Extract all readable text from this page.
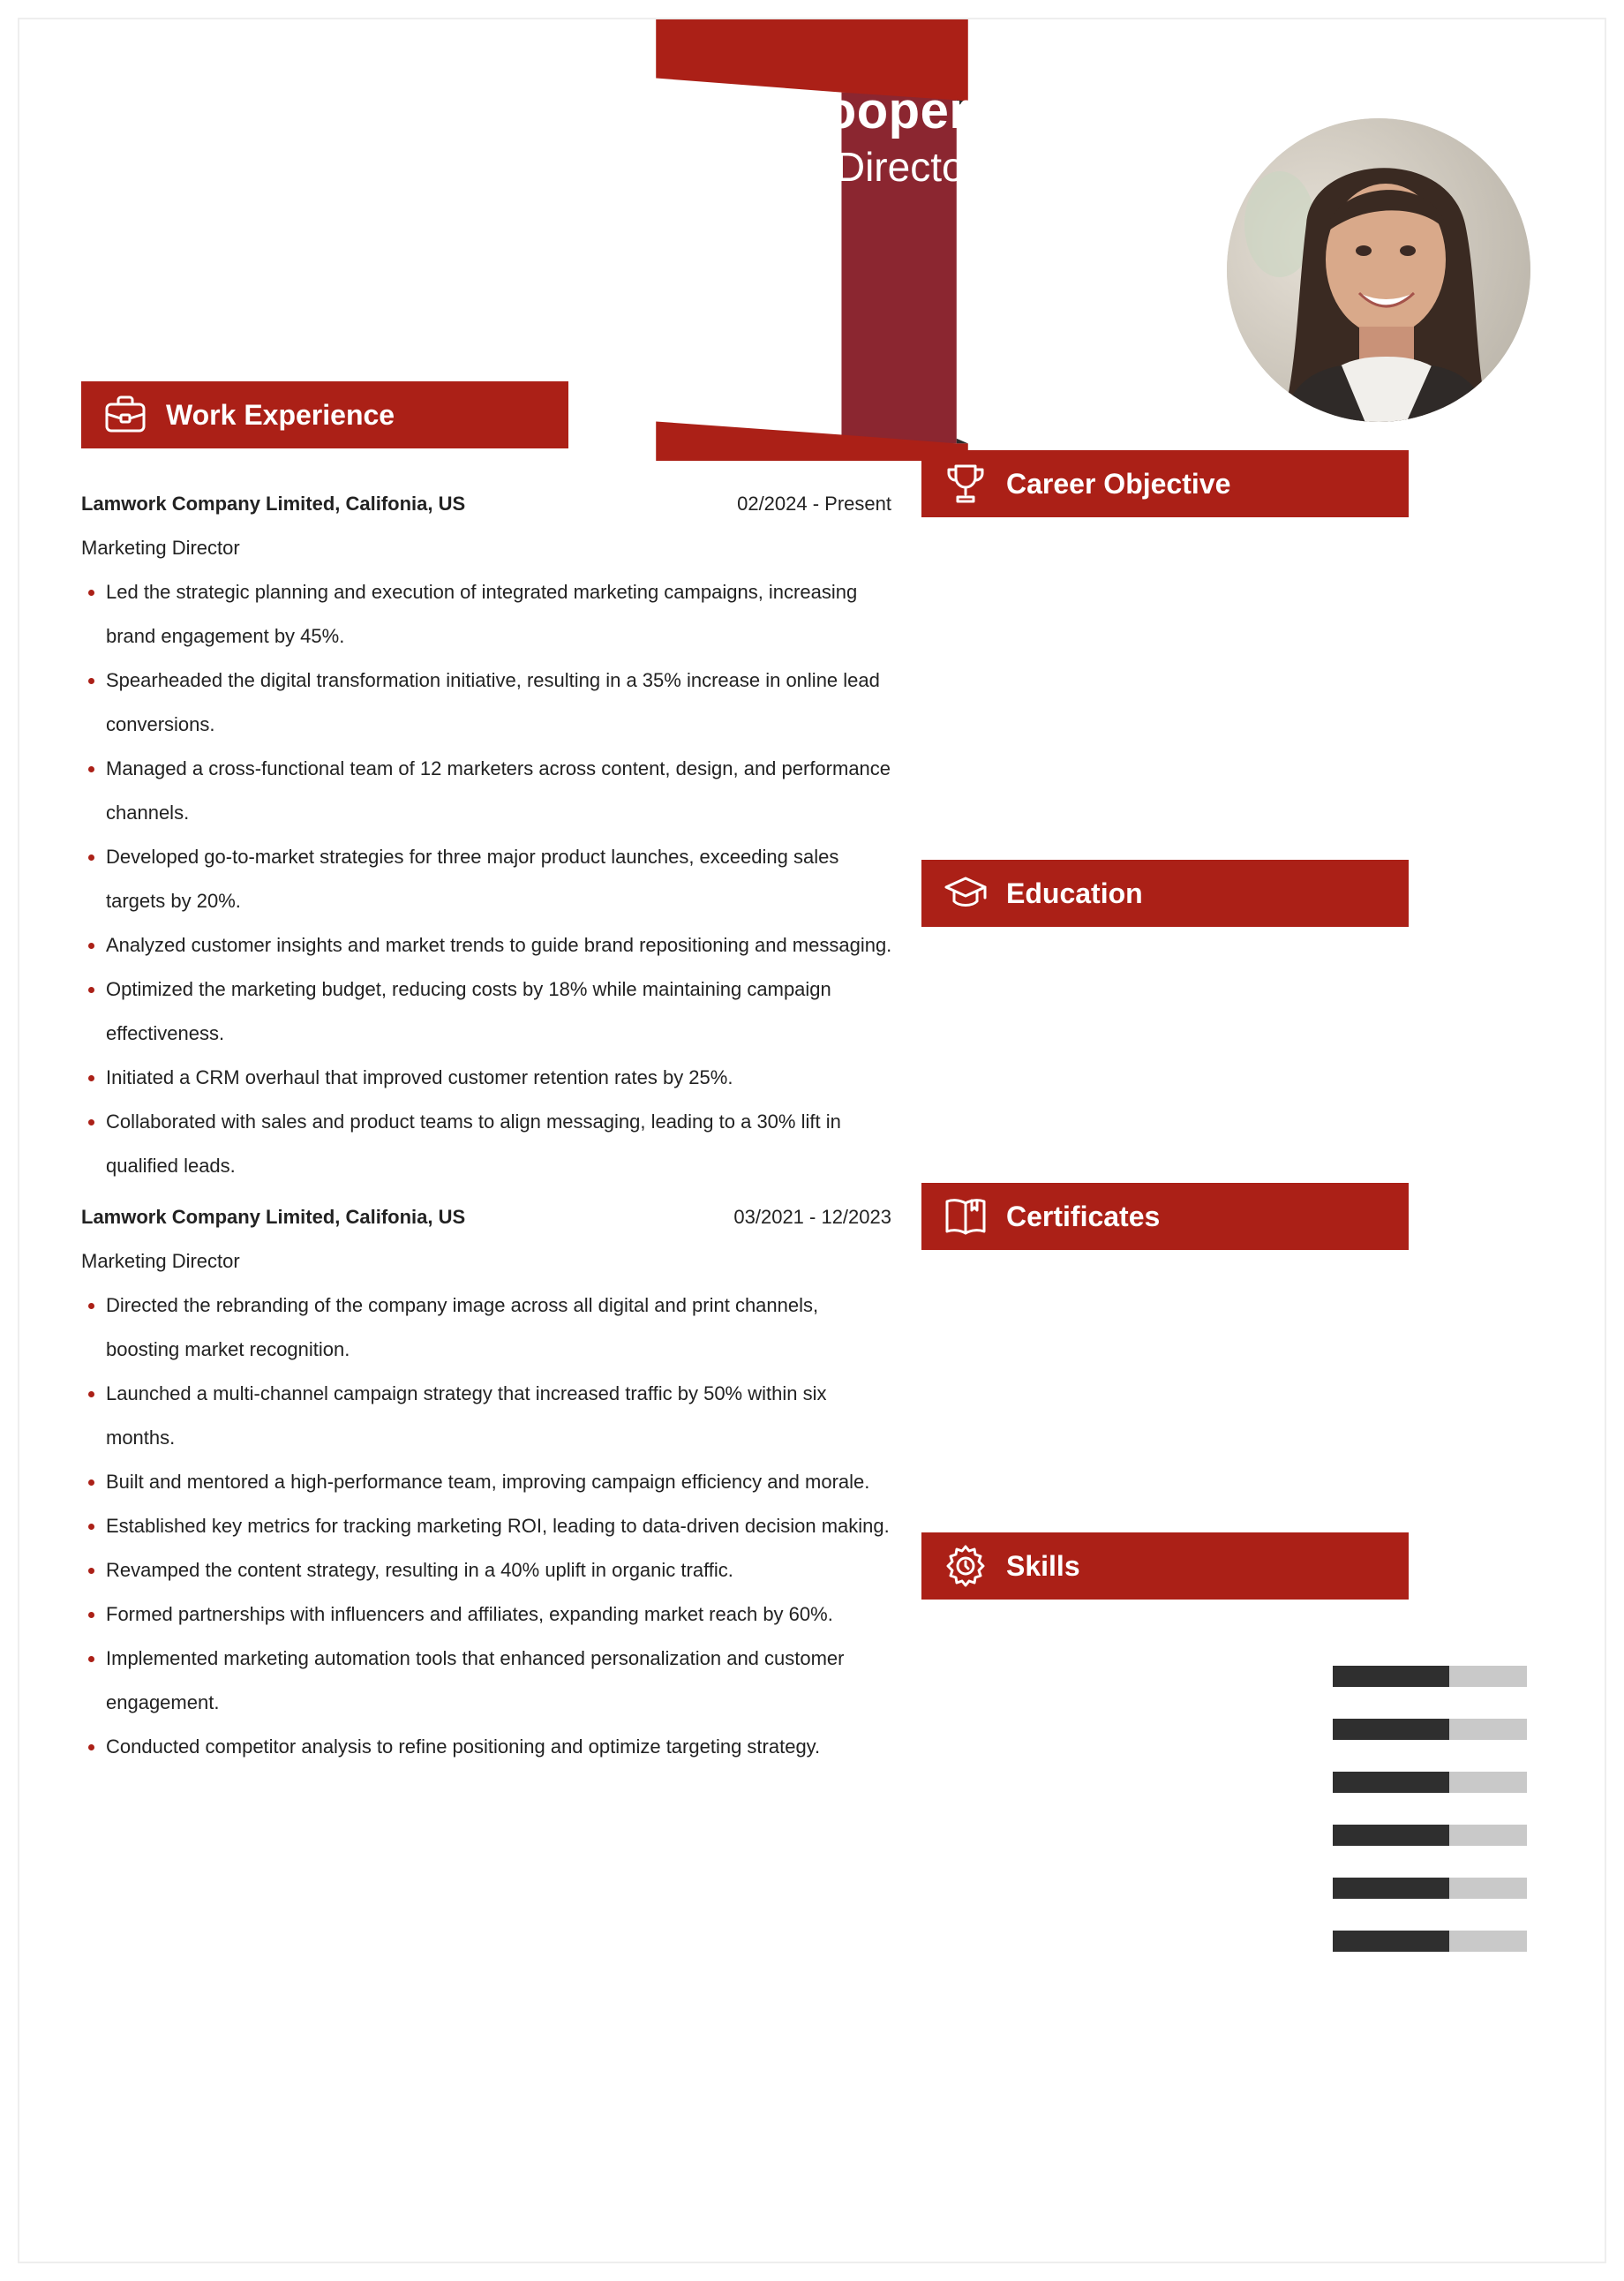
Jane Cooper
Marketing Director
Work Experience
Lamwork Company Limited, Califonia, US	02/2024 - Present
Marketing Director
Led the strategic planning and execution of integrated marketing campaigns, increasing brand engagement by 45%.
Spearheaded the digital transformation initiative, resulting in a 35% increase in online lead conversions.
Managed a cross-functional team of 12 marketers across content, design, and performance channels.
Developed go-to-market strategies for three major product launches, exceeding sales targets by 20%.
Analyzed customer insights and market trends to guide brand repositioning and messaging.
Optimized the marketing budget, reducing costs by 18% while maintaining campaign effectiveness.
Initiated a CRM overhaul that improved customer retention rates by 25%.
Collaborated with sales and product teams to align messaging, leading to a 30% lift in qualified leads.
Lamwork Company Limited, Califonia, US	03/2021 - 12/2023
Marketing Director
Directed the rebranding of the company image across all digital and print channels, boosting market recognition.
Launched a multi-channel campaign strategy that increased traffic by 50% within six months.
Built and mentored a high-performance team, improving campaign efficiency and morale.
Established key metrics for tracking marketing ROI, leading to data-driven decision making.
Revamped the content strategy, resulting in a 40% uplift in organic traffic.
Formed partnerships with influencers and affiliates, expanding market reach by 60%.
Implemented marketing automation tools that enhanced personalization and customer engagement.
Conducted competitor analysis to refine positioning and optimize targeting strategy.
Career Objective
I am a results-driven Marketing Director with a passion for crafting strategies that elevate brand visibility and drive revenue growth. I thrive in dynamic environments where innovation and analytics meet to create impactful campaigns. I aim to lead teams in delivering exceptional marketing performance aligned with organizational goals.
Education
Lamwork University, Califonia, US
10/2016 - 11/2020
Bachelor of Business Administration
GPA: 3.5
Certificates
Certified Digital Marketing Professional	12/2021
Certified Search Engine Marketing Specialist	04/2023
Certified B2B Marketing Leader	07/2024
Certified Growth Marketing Professional	10/2025
Skills
Digital Marketing Strategy
Brand Positioning
Market Analysis
Sales Forecasting
Public Relations
Project Management
+1 234 567891	Los Angeles, CA, USA
janecooper@lamwork.com	https://lamwork.com/profile/jane-cooper
